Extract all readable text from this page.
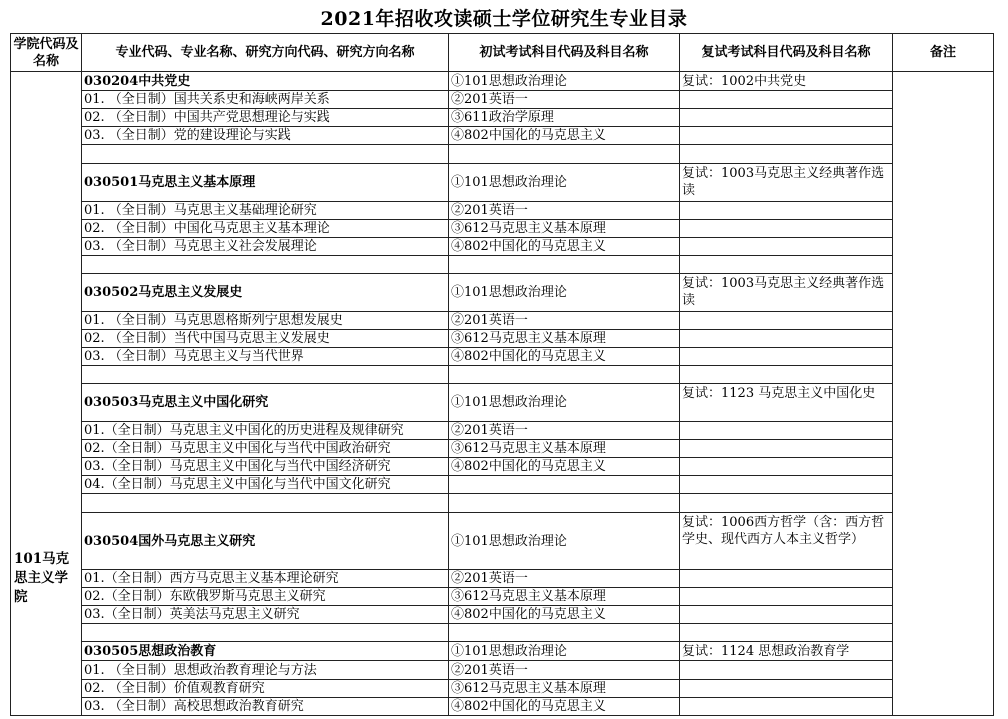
2021年招收攻读硕士学位研究生专业目录
学院代码及名称	专业代码、专业名称、研究方向代码、研究方向名称	初试考试科目代码及科目名称	复试考试科目代码及科目名称	备注
101马克思主义学院	030204中共党史	①101思想政治理论	复试：1002中共党史	
	01. （全日制）国共关系史和海峡两岸关系	②201英语一		
	02. （全日制）中国共产党思想理论与实践	③611政治学原理		
	03. （全日制）党的建设理论与实践	④802中国化的马克思主义		

	030501马克思主义基本原理	①101思想政治理论	复试：1003马克思主义经典著作选读	
	01. （全日制）马克思主义基础理论研究	②201英语一		
	02. （全日制）中国化马克思主义基本理论	③612马克思主义基本原理		
	03. （全日制）马克思主义社会发展理论	④802中国化的马克思主义		

	030502马克思主义发展史	①101思想政治理论	复试：1003马克思主义经典著作选读	
	01. （全日制）马克思恩格斯列宁思想发展史	②201英语一		
	02. （全日制）当代中国马克思主义发展史	③612马克思主义基本原理		
	03. （全日制）马克思主义与当代世界	④802中国化的马克思主义		

	030503马克思主义中国化研究	①101思想政治理论	复试：1123 马克思主义中国化史	
	01.（全日制）马克思主义中国化的历史进程及规律研究	②201英语一		
	02.（全日制）马克思主义中国化与当代中国政治研究	③612马克思主义基本原理		
	03.（全日制）马克思主义中国化与当代中国经济研究	④802中国化的马克思主义		
	04.（全日制）马克思主义中国化与当代中国文化研究			

	030504国外马克思主义研究	①101思想政治理论	复试：1006西方哲学（含：西方哲学史、现代西方人本主义哲学）	
	01.（全日制）西方马克思主义基本理论研究	②201英语一		
	02.（全日制）东欧俄罗斯马克思主义研究	③612马克思主义基本原理		
	03.（全日制）英美法马克思主义研究	④802中国化的马克思主义		

	030505思想政治教育	①101思想政治理论	复试：1124 思想政治教育学	
	01. （全日制）思想政治教育理论与方法	②201英语一		
	02. （全日制）价值观教育研究	③612马克思主义基本原理		
	03. （全日制）高校思想政治教育研究	④802中国化的马克思主义		
